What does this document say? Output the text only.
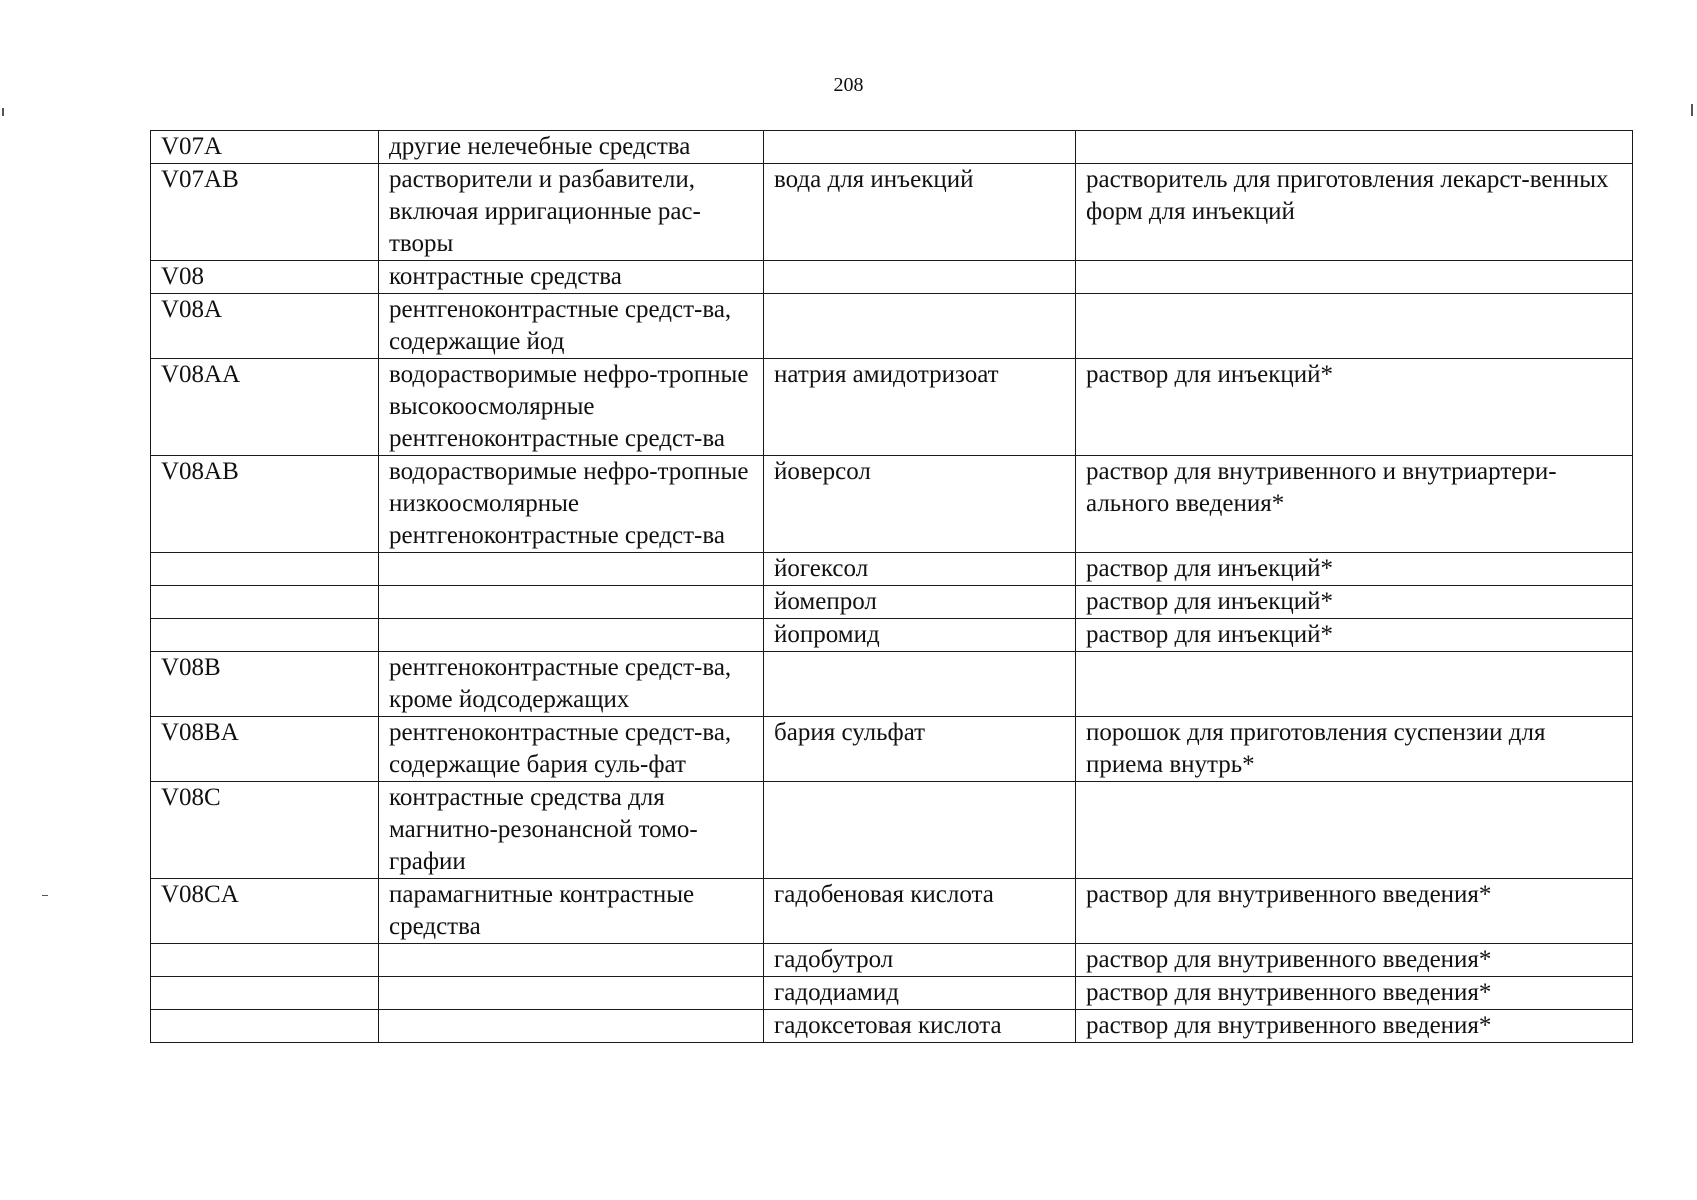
208
V07A	другие нелечебные средства		
V07AB	растворители и разбавители, включая ирригационные рас-творы	вода для инъекций	растворитель для приготовления лекарст-венных форм для инъекций
V08	контрастные средства		
V08A	рентгеноконтрастные средст-ва, содержащие йод		
V08AA	водорастворимые нефро-тропные высокоосмолярные рентгеноконтрастные средст-ва	натрия амидотризоат	раствор для инъекций*
V08AB	водорастворимые нефро-тропные низкоосмолярные рентгеноконтрастные средст-ва	йоверсол	раствор для внутривенного и внутриартери-ального введения*
		йогексол	раствор для инъекций*
		йомепрол	раствор для инъекций*
		йопромид	раствор для инъекций*
V08B	рентгеноконтрастные средст-ва, кроме йодсодержащих		
V08BA	рентгеноконтрастные средст-ва, содержащие бария суль-фат	бария сульфат	порошок для приготовления суспензии для приема внутрь*
V08C	контрастные средства для магнитно-резонансной томо-графии		
V08CA	парамагнитные контрастные средства	гадобеновая кислота	раствор для внутривенного введения*
		гадобутрол	раствор для внутривенного введения*
		гадодиамид	раствор для внутривенного введения*
		гадоксетовая кислота	раствор для внутривенного введения*
